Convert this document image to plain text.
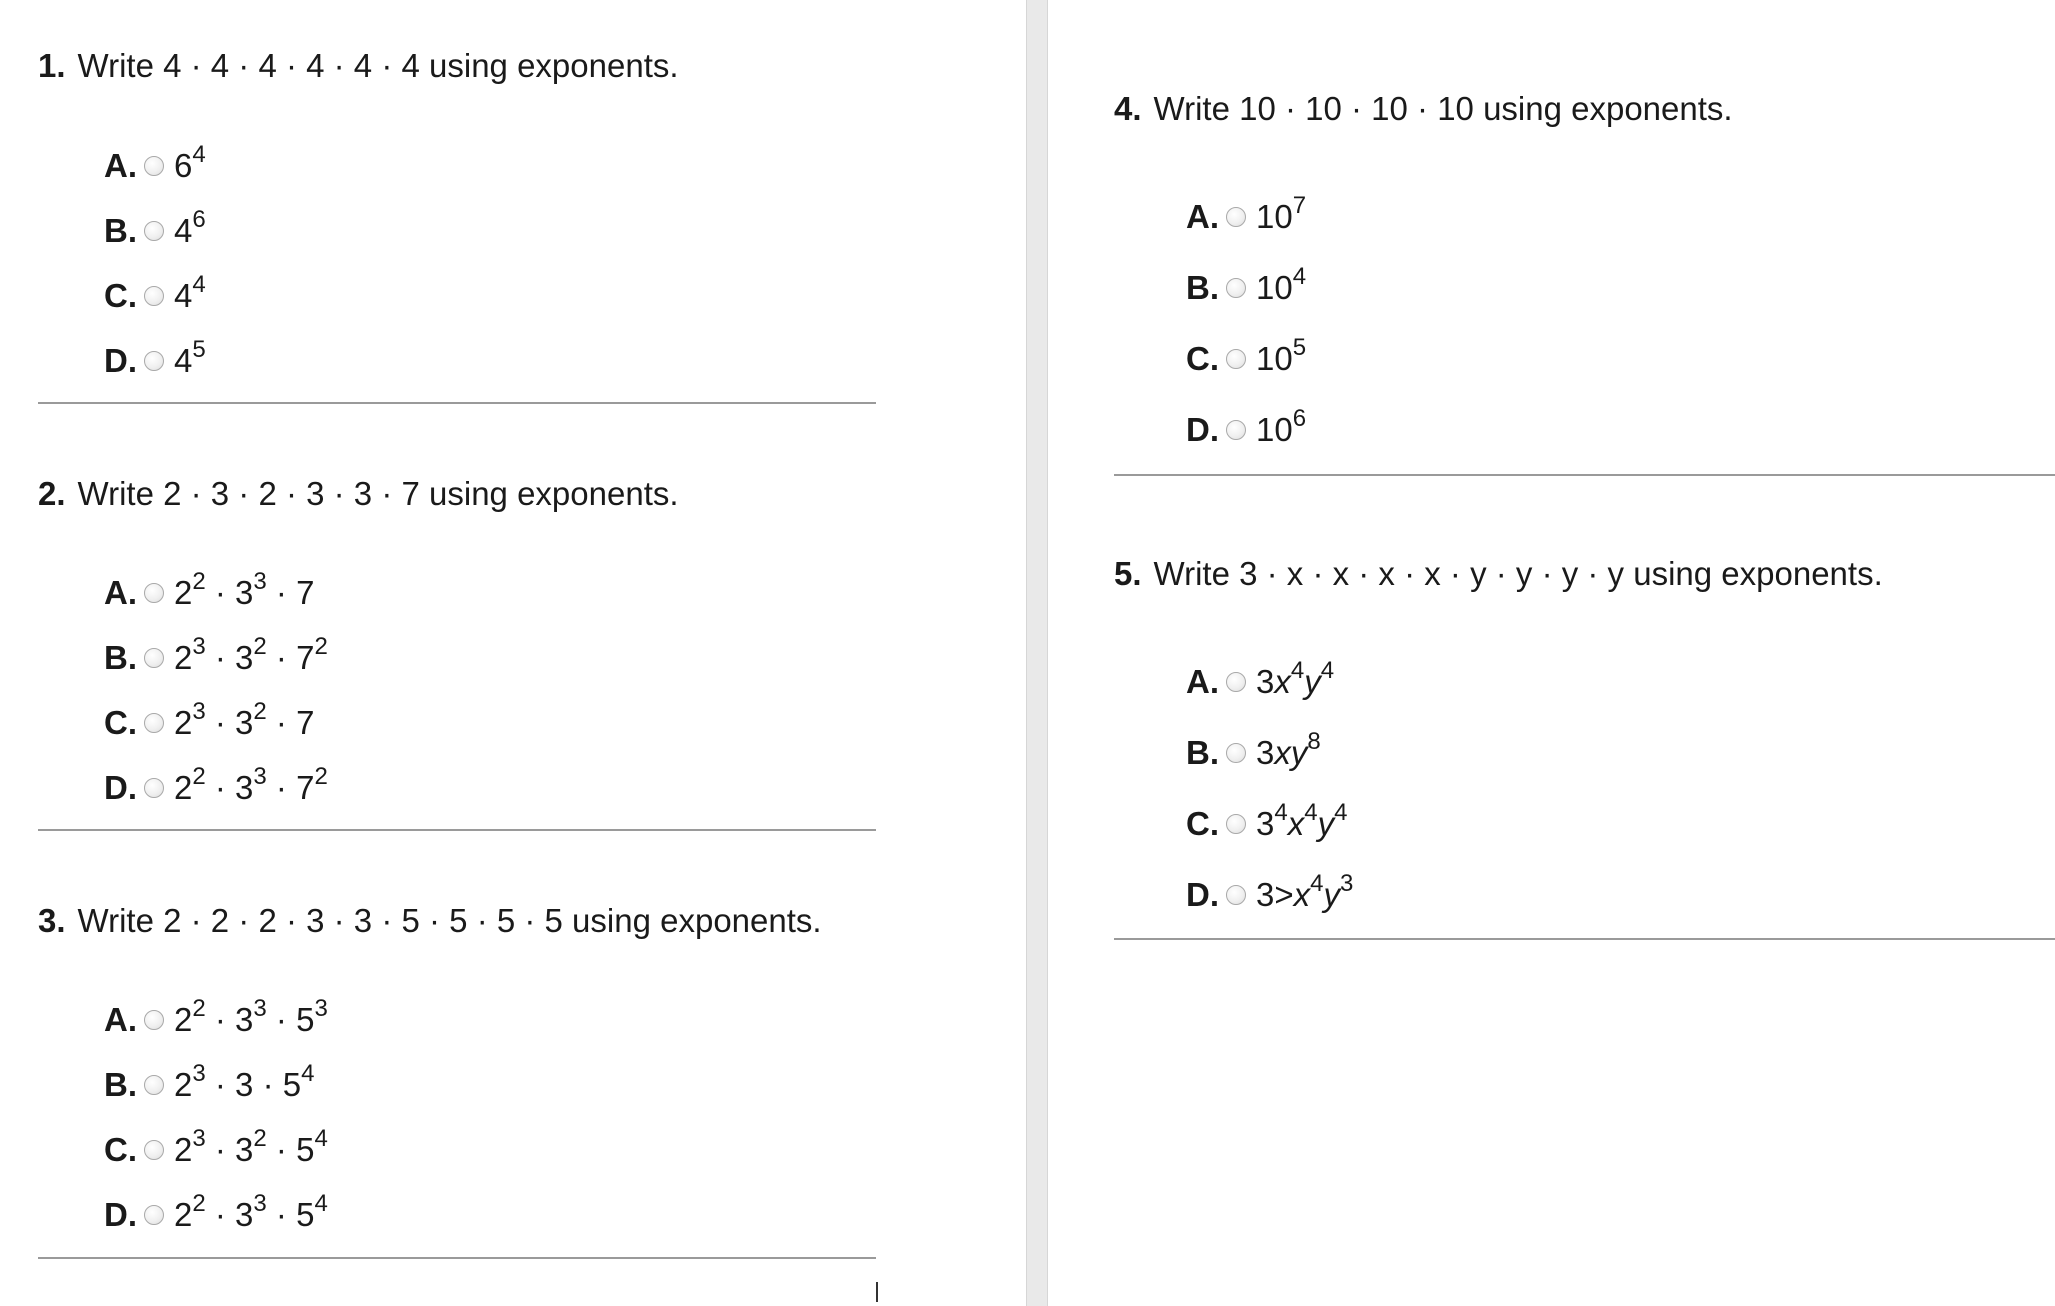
1. Write 4 · 4 · 4 · 4 · 4 · 4 using exponents.
A. $6^4$
B. $4^6$
C. $4^4$
D. $4^5$
2. Write 2 · 3 · 2 · 3 · 3 · 7 using exponents.
A. $2^2 \cdot 3^3 \cdot 7$
B. $2^3 \cdot 3^2 \cdot 7^2$
C. $2^3 \cdot 3^2 \cdot 7$
D. $2^2 \cdot 3^3 \cdot 7^2$
3. Write 2 · 2 · 2 · 3 · 3 · 5 · 5 · 5 · 5 using exponents.
A. $2^2 \cdot 3^3 \cdot 5^3$
B. $2^3 \cdot 3 \cdot 5^4$
C. $2^3 \cdot 3^2 \cdot 5^4$
D. $2^2 \cdot 3^3 \cdot 5^4$
4. Write 10 · 10 · 10 · 10 using exponents.
A. $10^7$
B. $10^4$
C. $10^5$
D. $10^6$
5. Write 3 · x · x · x · x · y · y · y · y using exponents.
A. $3x^4y^4$
B. $3xy^8$
C. $3^4x^4y^4$
D. $3>x^4y^3$
